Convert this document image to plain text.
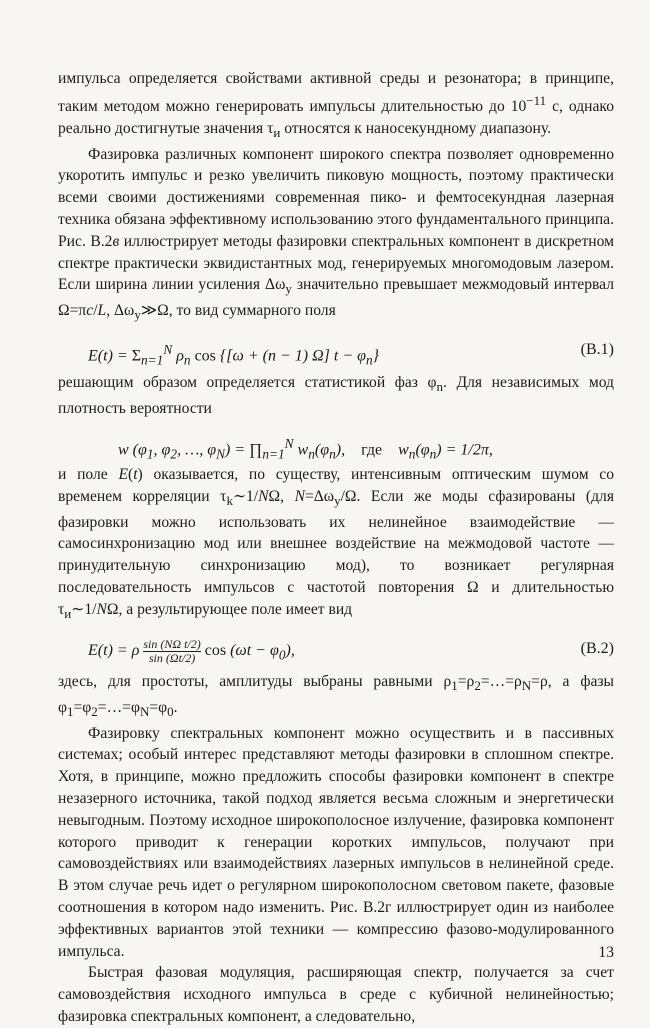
импульса определяется свойствами активной среды и резонатора; в принципе, таким методом можно генерировать импульсы длительностью до $10^{-11}$ с, однако реально достигнутые значения $\tau_и$ относятся к наносекундному диапазону.

Фазировка различных компонент широкого спектра позволяет одновременно укоротить импульс и резко увеличить пиковую мощность, поэтому практически всеми своими достижениями современная пико- и фемтосекундная лазерная техника обязана эффективному использованию этого фундаментального принципа. Рис. В.2в иллюстрирует методы фазировки спектральных компонент в дискретном спектре практически эквидистантных мод, генерируемых многомодовым лазером. Если ширина линии усиления $\Delta\omega_у$ значительно превышает межмодовый интервал Ω=πc/L, $\Delta\omega_у≫\Omega$, то вид суммарного поля

$E(t) = \Sigma_{n=1}^N$ $\rho_n$ cos {[ω + (n − 1) Ω] $t - \varphi_n$}	(В.1)

решающим образом определяется статистикой фаз $\varphi_n$. Для независимых мод плотность вероятности

w ($\varphi_1$, $\varphi_2$, …, $\varphi_N$) = $\prod_{n=1}^N$ $w_n(\varphi_n)$,    где $w_n(\varphi_n) = 1/2\pi$,

и поле E(t) оказывается, по существу, интенсивным оптическим шумом со временем корреляции $\tau_k\sim 1/N\Omega$, $N=\Delta\omega_у/\Omega$. Если же моды сфазированы (для фазировки можно использовать их нелинейное взаимодействие — самосинхронизацию мод или внешнее воздействие на межмодовой частоте — принудительную синхронизацию мод), то возникает регулярная последовательность импульсов с частотой повторения Ω и длительностью $\tau_и\sim 1/N\Omega$, а результирующее поле имеет вид

E(t) = ρ $\frac{\text{sin (NΩ t/2)}}{\sin (\Omega t/2)}$ $\cos (\omega t - \varphi_0)$,	(В.2)

здесь, для простоты, амплитуды выбраны равными $\rho_1=\rho_2=\dots=\rho_N=\rho$, а фазы $\varphi_1=\varphi_2=\dots=\varphi_N=\varphi_0$.

Фазировку спектральных компонент можно осуществить и в пассивных системах; особый интерес представляют методы фазировки в сплошном спектре. Хотя, в принципе, можно предложить способы фазировки компонент в спектре незазерного источника, такой подход является весьма сложным и энергетически невыгодным. Поэтому исходное широкополосное излучение, фазировка компонент которого приводит к генерации коротких импульсов, получают при самовоздействиях или взаимодействиях лазерных импульсов в нелинейной среде. В этом случае речь идет о регулярном широкополосном световом пакете, фазовые соотношения в котором надо изменить. Рис. В.2г иллюстрирует один из наиболее эффективных вариантов этой техники — компрессию фазово-модулированного импульса.

Быстрая фазовая модуляция, расширяющая спектр, получается за счет самовоздействия исходного импульса в среде с кубичной нелинейностью; фазировка спектральных компонент, а следовательно,

13
